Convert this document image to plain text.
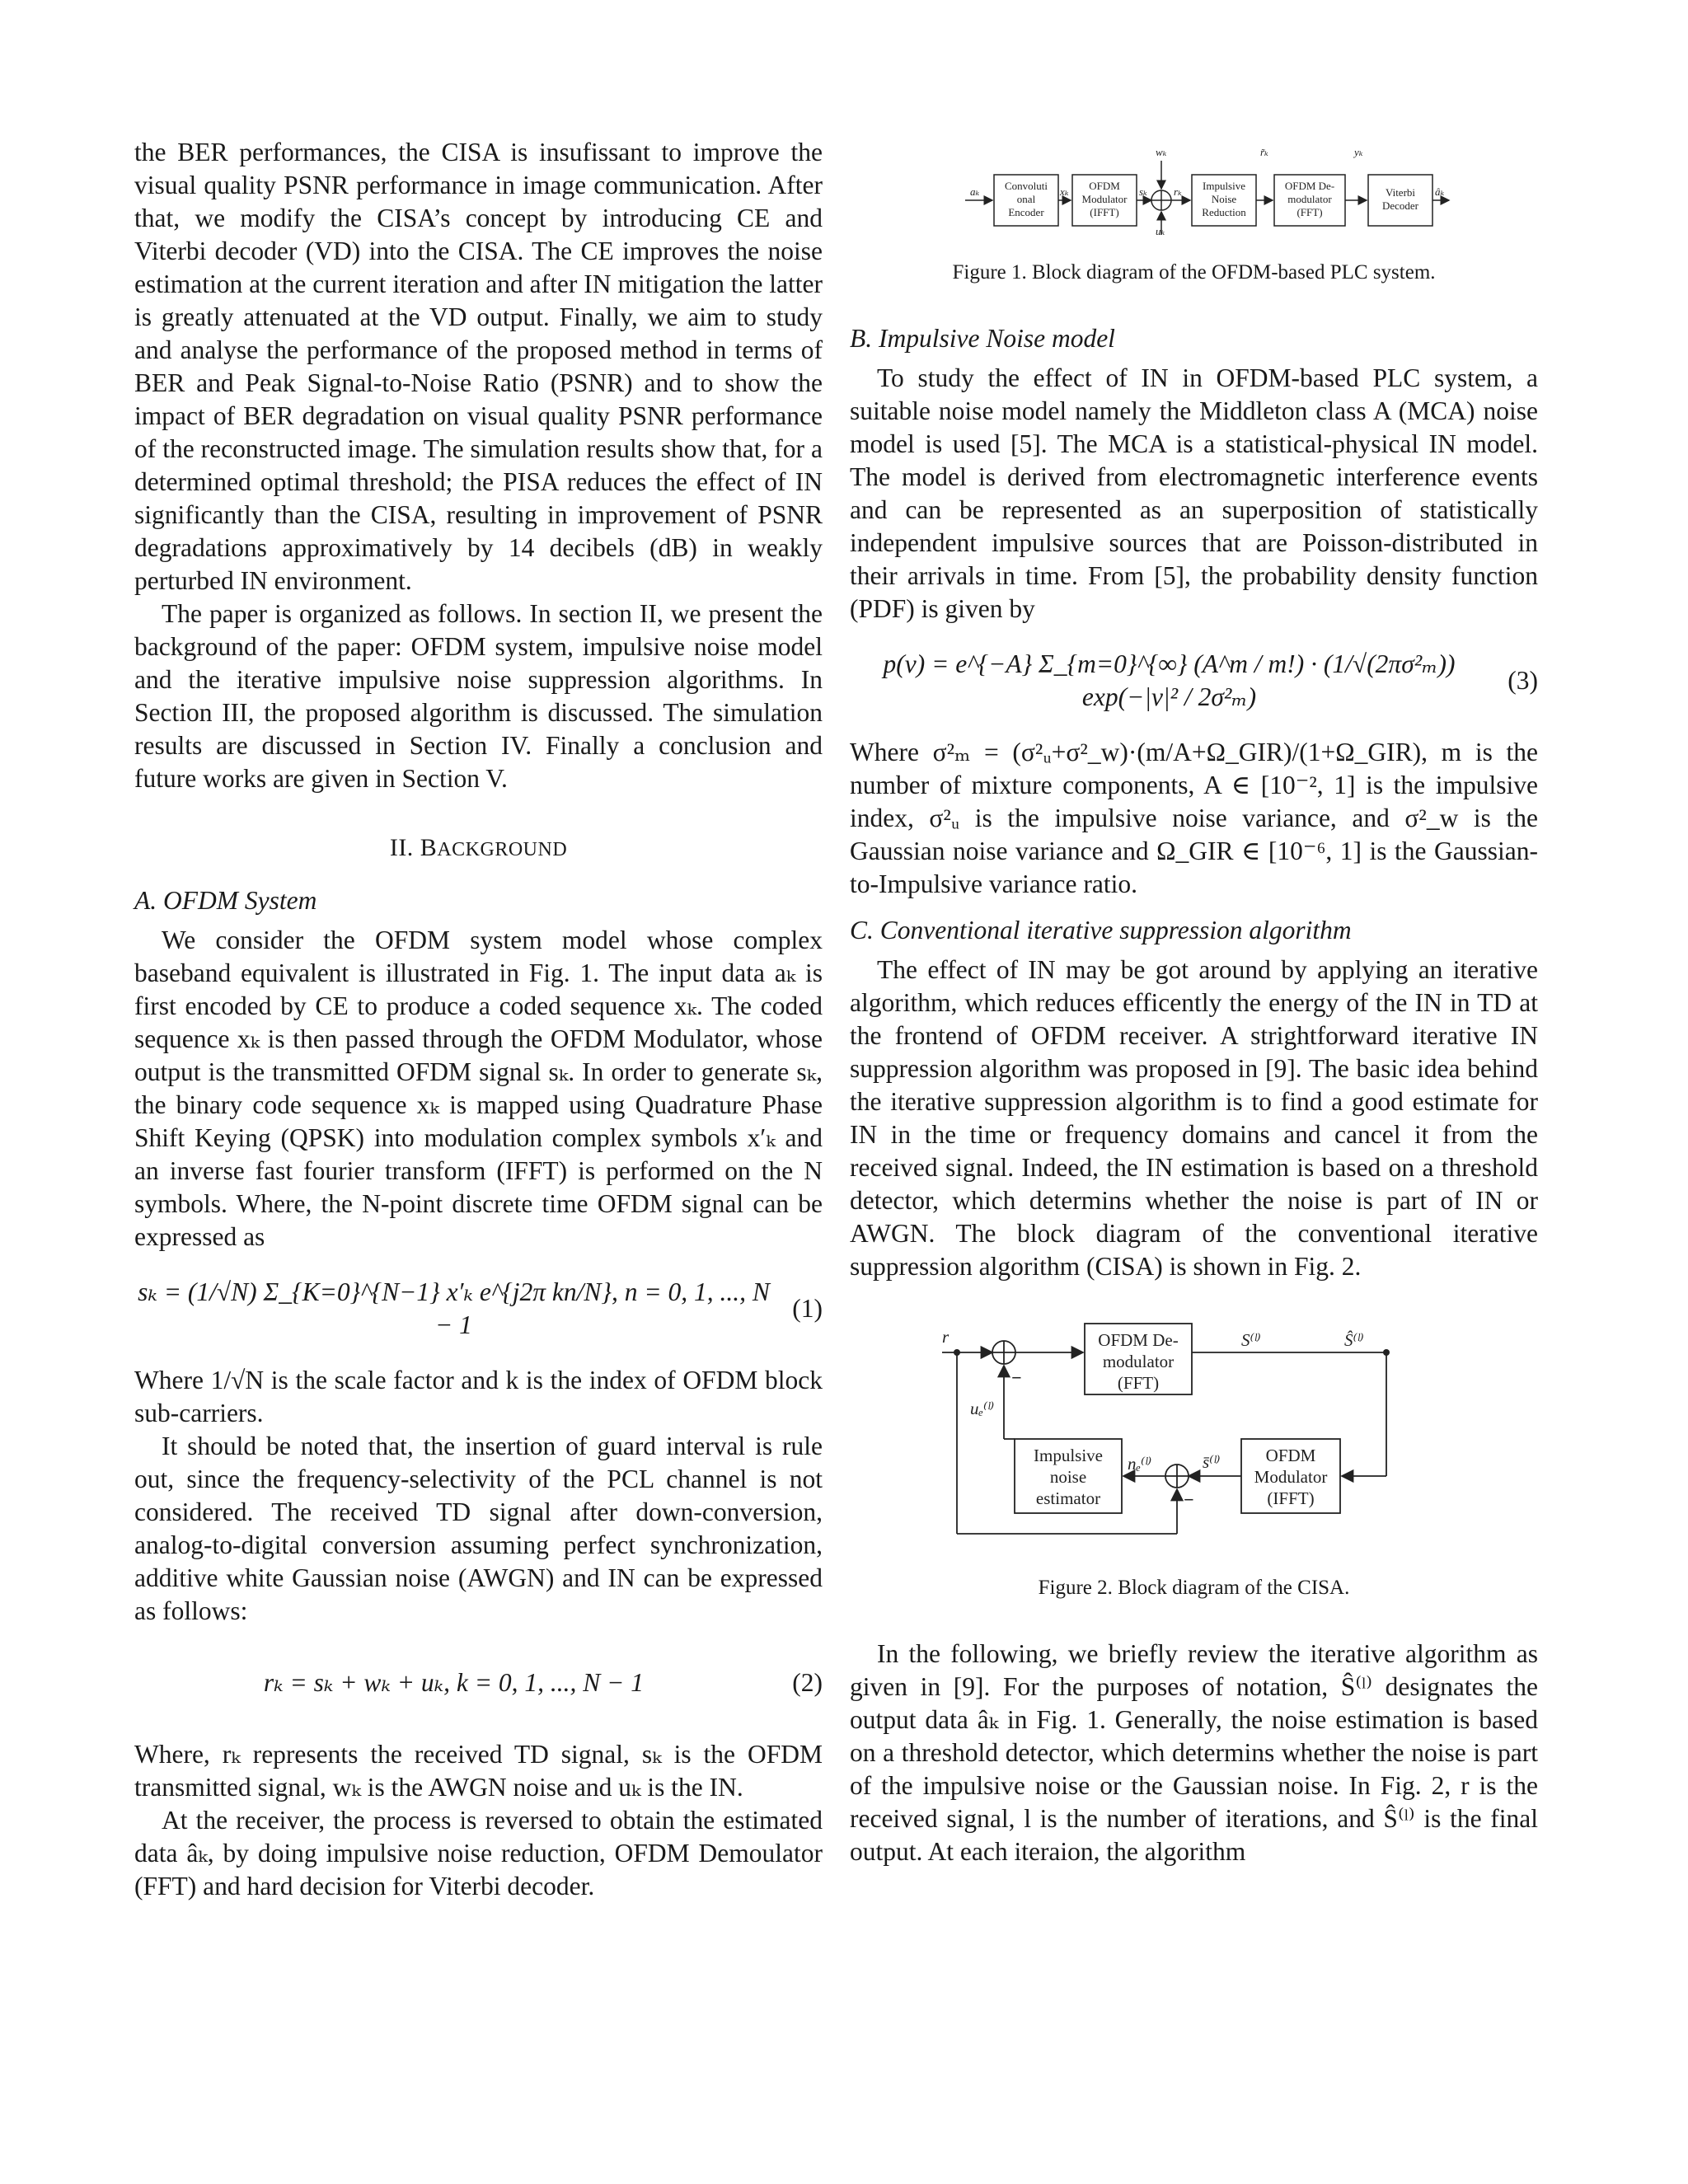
the BER performances, the CISA is insufissant to improve the visual quality PSNR performance in image communication. After that, we modify the CISA’s concept by introducing CE and Viterbi decoder (VD) into the CISA. The CE improves the noise estimation at the current iteration and after IN mitigation the latter is greatly attenuated at the VD output. Finally, we aim to study and analyse the performance of the proposed method in terms of BER and Peak Signal-to-Noise Ratio (PSNR) and to show the impact of BER degradation on visual quality PSNR performance of the reconstructed image. The simulation results show that, for a determined optimal threshold; the PISA reduces the effect of IN significantly than the CISA, resulting in improvement of PSNR degradations approximatively by 14 decibels (dB) in weakly perturbed IN environment.

The paper is organized as follows. In section II, we present the background of the paper: OFDM system, impulsive noise model and the iterative impulsive noise suppression algorithms. In Section III, the proposed algorithm is discussed. The simulation results are discussed in Section IV. Finally a conclusion and future works are given in Section V.

II. BACKGROUND
A. OFDM System

We consider the OFDM system model whose complex baseband equivalent is illustrated in Fig. 1. The input data aₖ is first encoded by CE to produce a coded sequence xₖ. The coded sequence xₖ is then passed through the OFDM Modulator, whose output is the transmitted OFDM signal sₖ. In order to generate sₖ, the binary code sequence xₖ is mapped using Quadrature Phase Shift Keying (QPSK) into modulation complex symbols x′ₖ and an inverse fast fourier transform (IFFT) is performed on the N symbols. Where, the N-point discrete time OFDM signal can be expressed as

sₖ = (1/√N) Σ_{K=0}^{N−1} x′ₖ e^{j2π kn/N}, n = 0, 1, ..., N − 1
(1)

Where 1/√N is the scale factor and k is the index of OFDM block sub-carriers.

It should be noted that, the insertion of guard interval is rule out, since the frequency-selectivity of the PCL channel is not considered. The received TD signal after down-conversion, analog-to-digital conversion assuming perfect synchronization, additive white Gaussian noise (AWGN) and IN can be expressed as follows:

rₖ = sₖ + wₖ + uₖ, k = 0, 1, ..., N − 1	(2)

Where, rₖ represents the received TD signal, sₖ is the OFDM transmitted signal, wₖ is the AWGN noise and uₖ is the IN.

At the receiver, the process is reversed to obtain the estimated data âₖ, by doing impulsive noise reduction, OFDM Demoulator (FFT) and hard decision for Viterbi decoder.

Convoluti
onal
Encoder
OFDM
Modulator
(IFFT)
Impulsive
Noise
Reduction
OFDM De-
modulator
(FFT)
Viterbi
Decoder
aₖ	xₖ	sₖ rₖ
wₖ
uₖ
r̃ₖ	yₖ
âₖ
Figure 1. Block diagram of the OFDM-based PLC system.
B. Impulsive Noise model

To study the effect of IN in OFDM-based PLC system, a suitable noise model namely the Middleton class A (MCA) noise model is used [5]. The MCA is a statistical-physical IN model. The model is derived from electromagnetic interference events and can be represented as an superposition of statistically independent impulsive sources that are Poisson-distributed in their arrivals in time. From [5], the probability density function (PDF) is given by

p(v) = e^{−A} Σ_{m=0}^{∞} (A^m / m!) · (1/√(2πσ²ₘ)) exp(−|v|² / 2σ²ₘ)
(3)

Where σ²ₘ = (σ²ᵤ+σ²_w)·(m/A+Ω_GIR)/(1+Ω_GIR), m is the number of mixture components, A ∈ [10⁻², 1] is the impulsive index, σ²ᵤ is the impulsive noise variance, and σ²_w is the Gaussian noise variance and Ω_GIR ∈ [10⁻⁶, 1] is the Gaussian-to-Impulsive variance ratio.

C. Conventional iterative suppression algorithm

The effect of IN may be got around by applying an iterative algorithm, which reduces efficently the energy of the IN in TD at the frontend of OFDM receiver. A strightforward iterative IN suppression algorithm was proposed in [9]. The basic idea behind the iterative suppression algorithm is to find a good estimate for IN in the time or frequency domains and cancel it from the received signal. Indeed, the IN estimation is based on a threshold detector, which determins whether the noise is part of IN or AWGN. The block diagram of the conventional iterative suppression algorithm (CISA) is shown in Fig. 2.

OFDM De-
modulator
(FFT)
Impulsive
noise
estimator
OFDM
Modulator
(IFFT)
r	S⁽ˡ⁾	Ŝ⁽ˡ⁾
uₑ⁽ˡ⁾
nₑ⁽ˡ⁾	s̄⁽ˡ⁾
−
−
Figure 2. Block diagram of the CISA.

In the following, we briefly review the iterative algorithm as given in [9]. For the purposes of notation, Ŝ⁽ˡ⁾ designates the output data âₖ in Fig. 1. Generally, the noise estimation is based on a threshold detector, which determins whether the noise is part of the impulsive noise or the Gaussian noise. In Fig. 2, r is the received signal, l is the number of iterations, and Ŝ⁽ˡ⁾ is the final output. At each iteraion, the algorithm
